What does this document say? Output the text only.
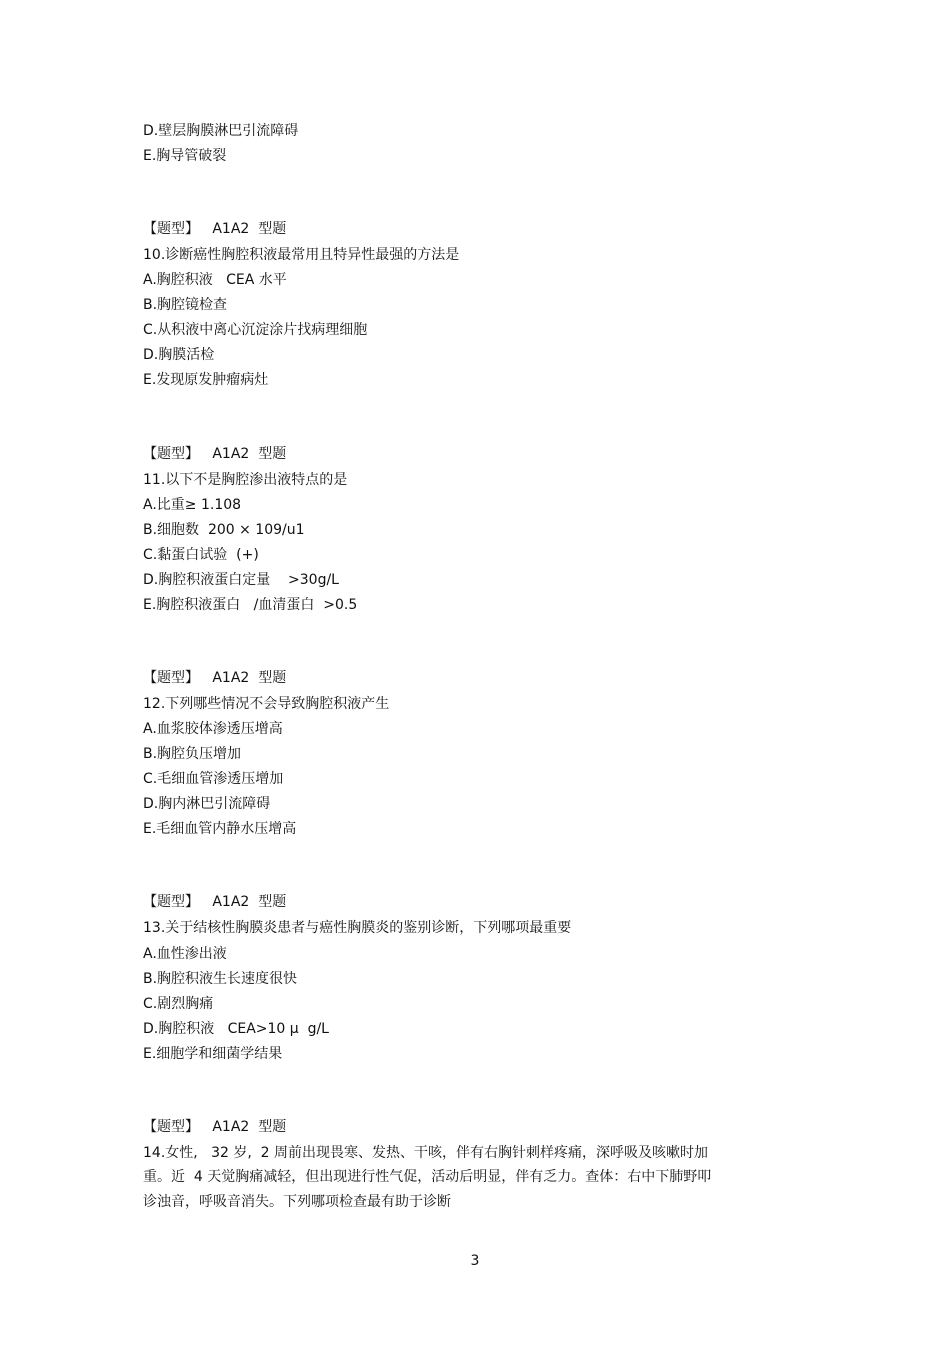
D.壁层胸膜淋巴引流障碍
E.胸导管破裂
【题型】   A1A2  型题
10.诊断癌性胸腔积液最常用且特异性最强的方法是
A.胸腔积液   CEA 水平
B.胸腔镜检查
C.从积液中离心沉淀涂片找病理细胞
D.胸膜活检
E.发现原发肿瘤病灶
【题型】   A1A2  型题
11.以下不是胸腔渗出液特点的是
A.比重≥ 1.108
B.细胞数  200 × 109/u1
C.黏蛋白试验  (+)
D.胸腔积液蛋白定量    >30g/L
E.胸腔积液蛋白   /血清蛋白  >0.5
【题型】   A1A2  型题
12.下列哪些情况不会导致胸腔积液产生
A.血浆胶体渗透压增高
B.胸腔负压增加
C.毛细血管渗透压增加
D.胸内淋巴引流障碍
E.毛细血管内静水压增高
【题型】   A1A2  型题
13.关于结核性胸膜炎患者与癌性胸膜炎的鉴别诊断，下列哪项最重要
A.血性渗出液
B.胸腔积液生长速度很快
C.剧烈胸痛
D.胸腔积液   CEA>10 μ  g/L
E.细胞学和细菌学结果
【题型】   A1A2  型题
14.女性,   32 岁,  2 周前出现畏寒、发热、干咳，伴有右胸针刺样疼痛，深呼吸及咳嗽时加
重。近  4 天觉胸痛减轻，但出现进行性气促，活动后明显，伴有乏力。查体：右中下肺野叩
诊浊音，呼吸音消失。下列哪项检查最有助于诊断
3
